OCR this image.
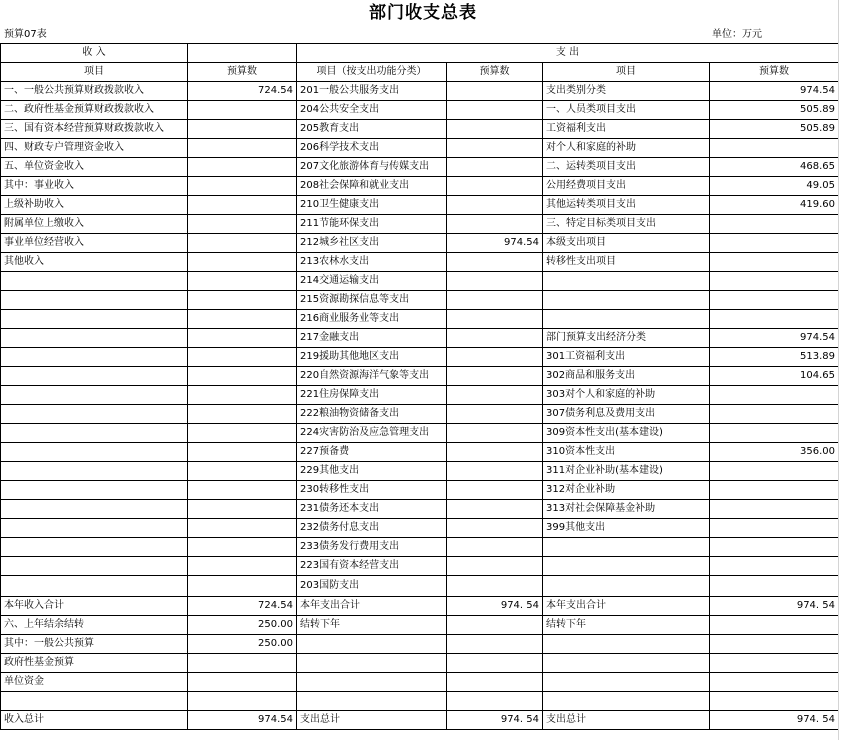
部门收支总表
预算07表	单位：万元
收 入		支 出			
项目	预算数	项目（按支出功能分类）	预算数	项目	预算数
一、一般公共预算财政拨款收入	724.54	201一般公共服务支出		支出类别分类	974.54
二、政府性基金预算财政拨款收入		204公共安全支出		一、人员类项目支出	505.89
三、国有资本经营预算财政拨款收入		205教育支出		工资福利支出	505.89
四、财政专户管理资金收入		206科学技术支出		对个人和家庭的补助	
五、单位资金收入		207文化旅游体育与传媒支出		二、运转类项目支出	468.65
其中：事业收入		208社会保障和就业支出		公用经费项目支出	49.05
上级补助收入		210卫生健康支出		其他运转类项目支出	419.60
附属单位上缴收入		211节能环保支出		三、特定目标类项目支出	
事业单位经营收入		212城乡社区支出	974.54	本级支出项目	
其他收入		213农林水支出		转移性支出项目	
		214交通运输支出			
		215资源勘探信息等支出			
		216商业服务业等支出			
		217金融支出		部门预算支出经济分类	974.54
		219援助其他地区支出		301工资福利支出	513.89
		220自然资源海洋气象等支出		302商品和服务支出	104.65
		221住房保障支出		303对个人和家庭的补助	
		222粮油物资储备支出		307债务利息及费用支出	
		224灾害防治及应急管理支出		309资本性支出(基本建设)	
		227预备费		310资本性支出	356.00
		229其他支出		311对企业补助(基本建设)	
		230转移性支出		312对企业补助	
		231债务还本支出		313对社会保障基金补助	
		232债务付息支出		399其他支出	
		233债务发行费用支出			
		223国有资本经营支出			
		203国防支出			
本年收入合计	724.54	本年支出合计	974. 54	本年支出合计	974. 54
六、上年结余结转	250.00	结转下年		结转下年	
其中：一般公共预算	250.00				
政府性基金预算					
单位资金					

收入总计	974.54	支出总计	974. 54	支出总计	974. 54
